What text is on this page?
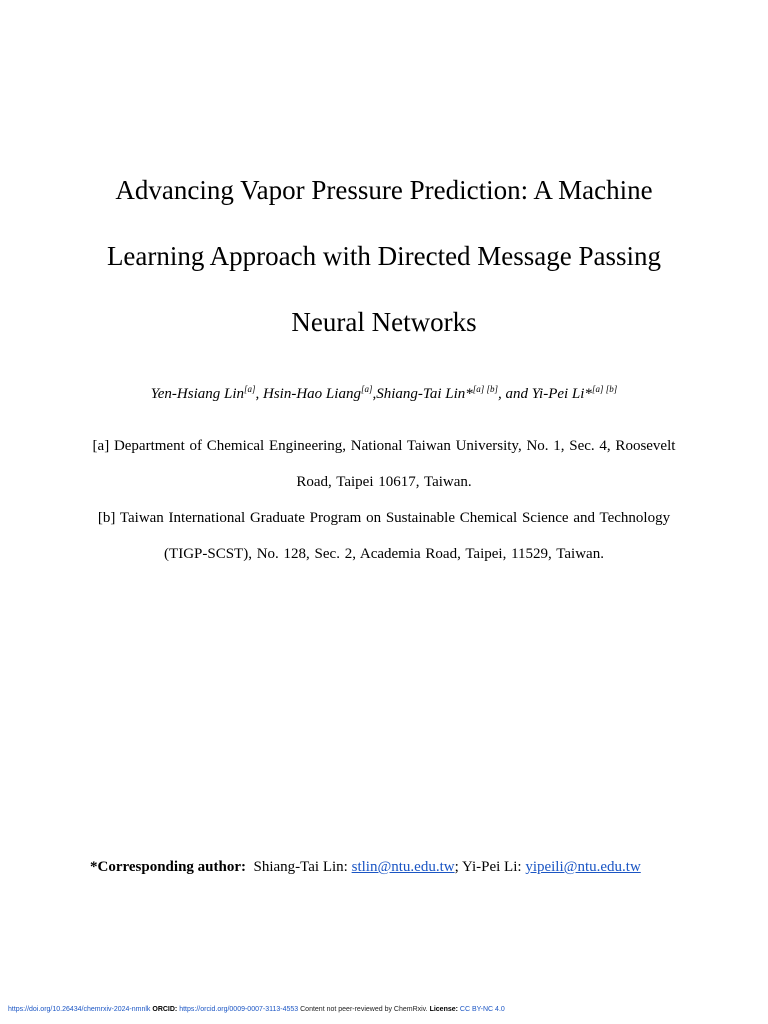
Advancing Vapor Pressure Prediction: A Machine
Learning Approach with Directed Message Passing
Neural Networks
Yen-Hsiang Lin[a], Hsin-Hao Liang[a],Shiang-Tai Lin*[a] [b], and Yi-Pei Li*[a] [b]
[a] Department of Chemical Engineering, National Taiwan University, No. 1, Sec. 4, Roosevelt
Road, Taipei 10617, Taiwan.
[b] Taiwan International Graduate Program on Sustainable Chemical Science and Technology
(TIGP-SCST), No. 128, Sec. 2, Academia Road, Taipei, 11529, Taiwan.
*Corresponding author: Shiang-Tai Lin: stlin@ntu.edu.tw; Yi-Pei Li: yipeili@ntu.edu.tw
https://doi.org/10.26434/chemrxiv-2024-nmnlk ORCID: https://orcid.org/0009-0007-3113-4553 Content not peer-reviewed by ChemRxiv. License: CC BY-NC 4.0
